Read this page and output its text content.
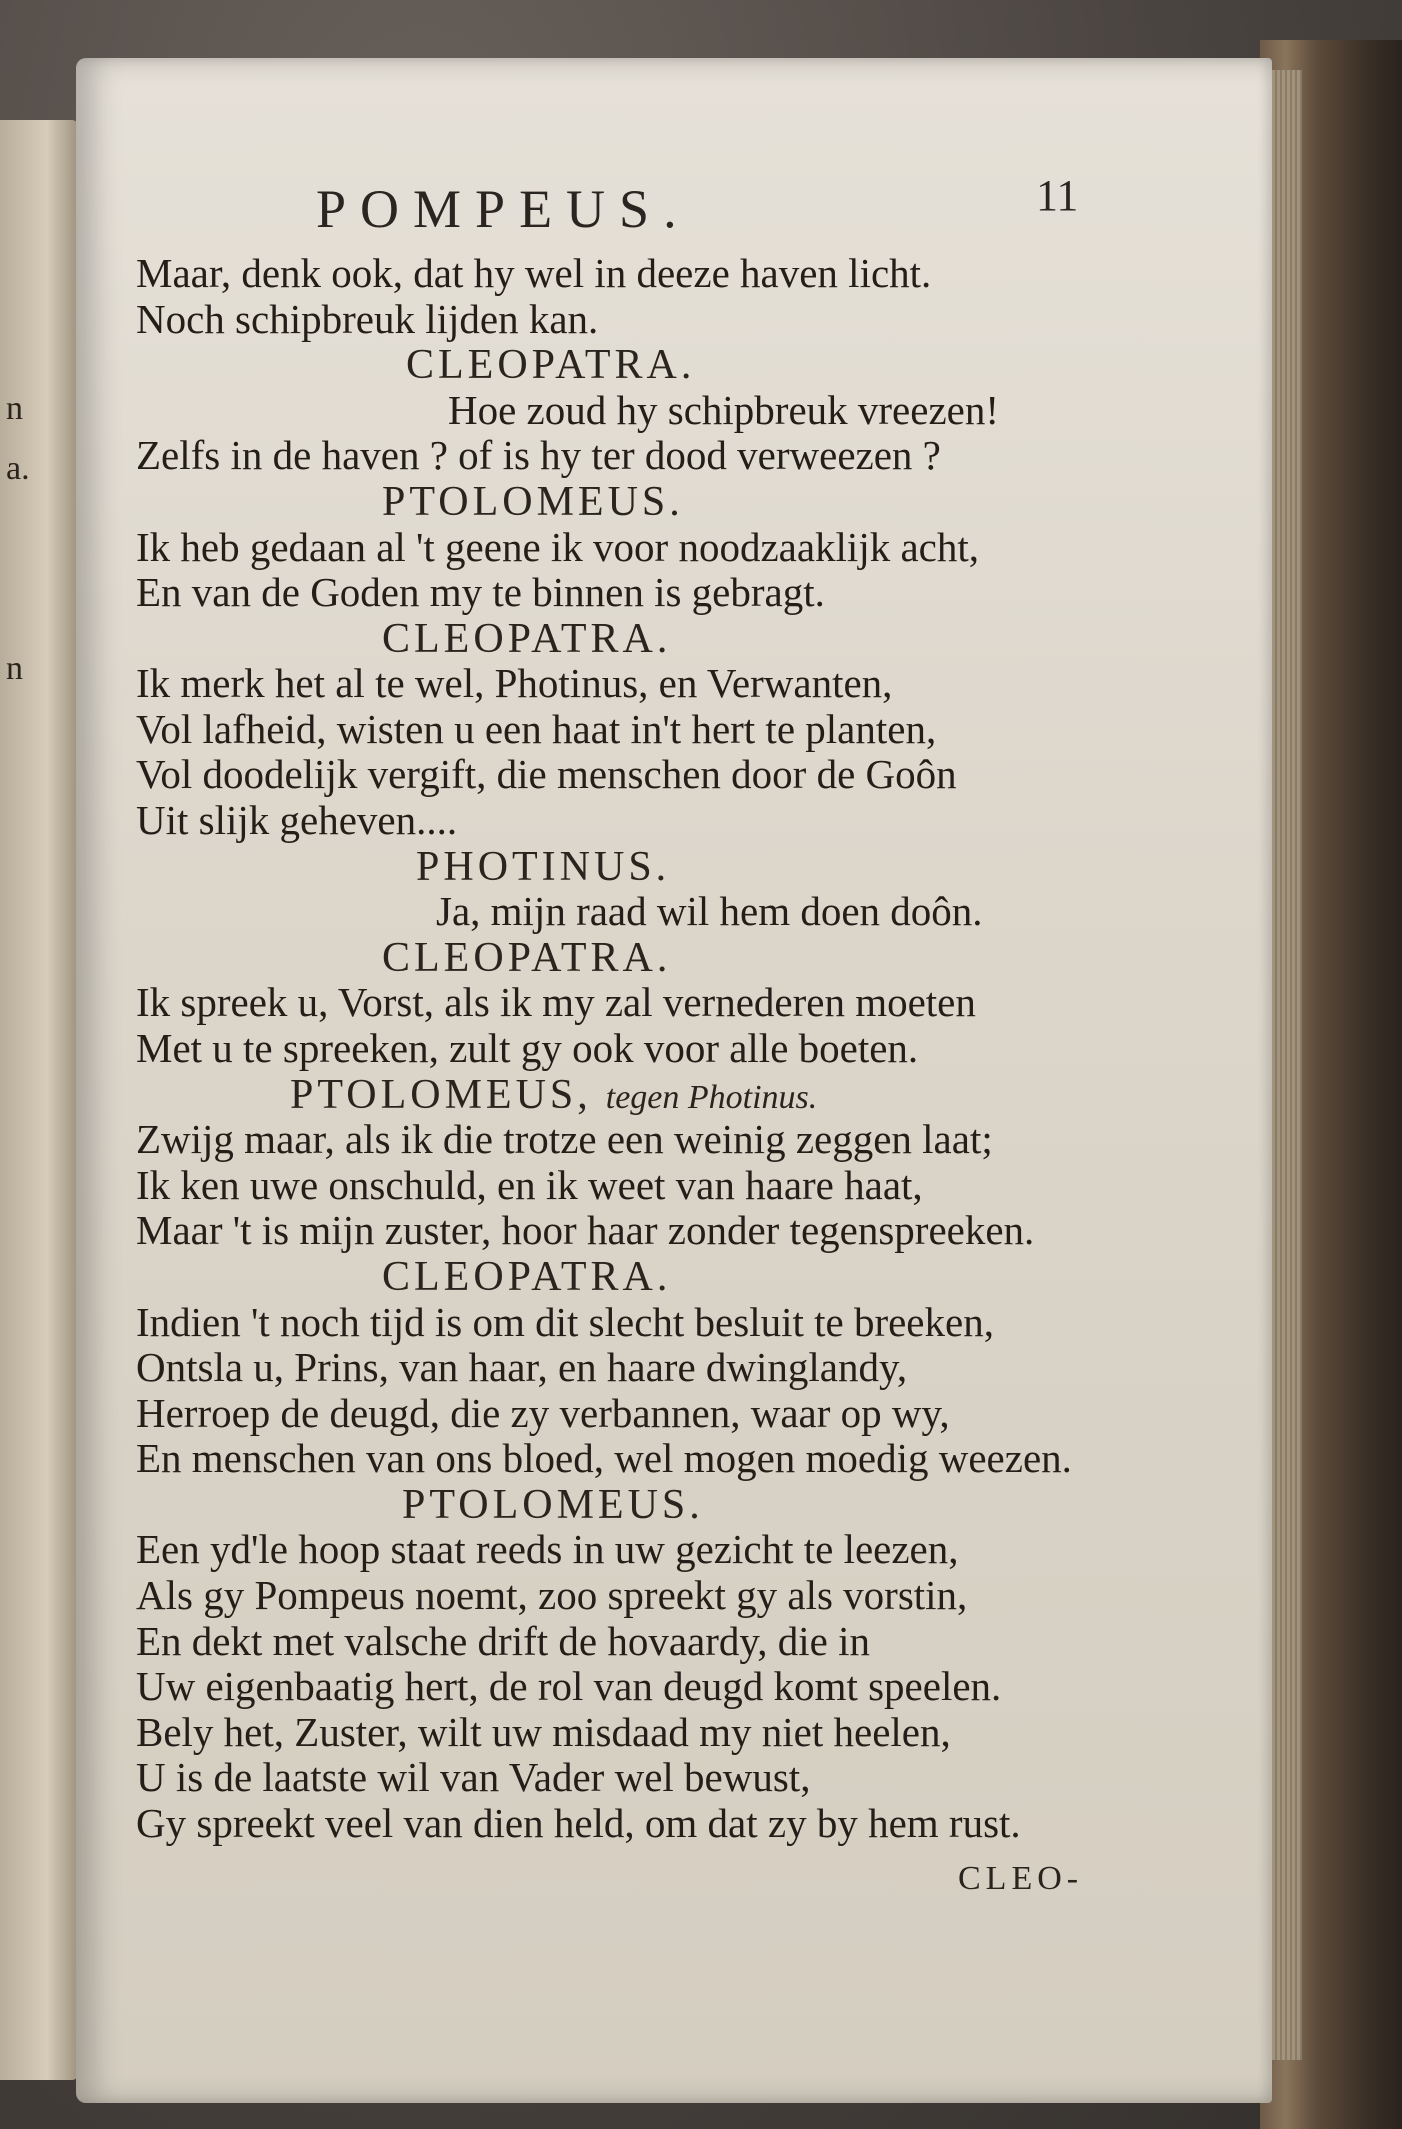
n
a.
n
POMPEUS.	11
Maar, denk ook, dat hy wel in deeze haven licht.
Noch schipbreuk lijden kan.
CLEOPATRA.
Hoe zoud hy schipbreuk vreezen!
Zelfs in de haven ? of is hy ter dood verweezen ?
PTOLOMEUS.
Ik heb gedaan al 't geene ik voor noodzaaklijk acht,
En van de Goden my te binnen is gebragt.
CLEOPATRA.
Ik merk het al te wel, Photinus, en Verwanten,
Vol lafheid, wisten u een haat in't hert te planten,
Vol doodelijk vergift, die menschen door de Goôn
Uit slijk geheven....
PHOTINUS.
Ja, mijn raad wil hem doen doôn.
CLEOPATRA.
Ik spreek u, Vorst, als ik my zal vernederen moeten
Met u te spreeken, zult gy ook voor alle boeten.
PTOLOMEUS, tegen Photinus.
Zwijg maar, als ik die trotze een weinig zeggen laat;
Ik ken uwe onschuld, en ik weet van haare haat,
Maar 't is mijn zuster, hoor haar zonder tegenspreeken.
CLEOPATRA.
Indien 't noch tijd is om dit slecht besluit te breeken,
Ontsla u, Prins, van haar, en haare dwinglandy,
Herroep de deugd, die zy verbannen, waar op wy,
En menschen van ons bloed, wel mogen moedig weezen.
PTOLOMEUS.
Een yd'le hoop staat reeds in uw gezicht te leezen,
Als gy Pompeus noemt, zoo spreekt gy als vorstin,
En dekt met valsche drift de hovaardy, die in
Uw eigenbaatig hert, de rol van deugd komt speelen.
Bely het, Zuster, wilt uw misdaad my niet heelen,
U is de laatste wil van Vader wel bewust,
Gy spreekt veel van dien held, om dat zy by hem rust.
CLEO-
